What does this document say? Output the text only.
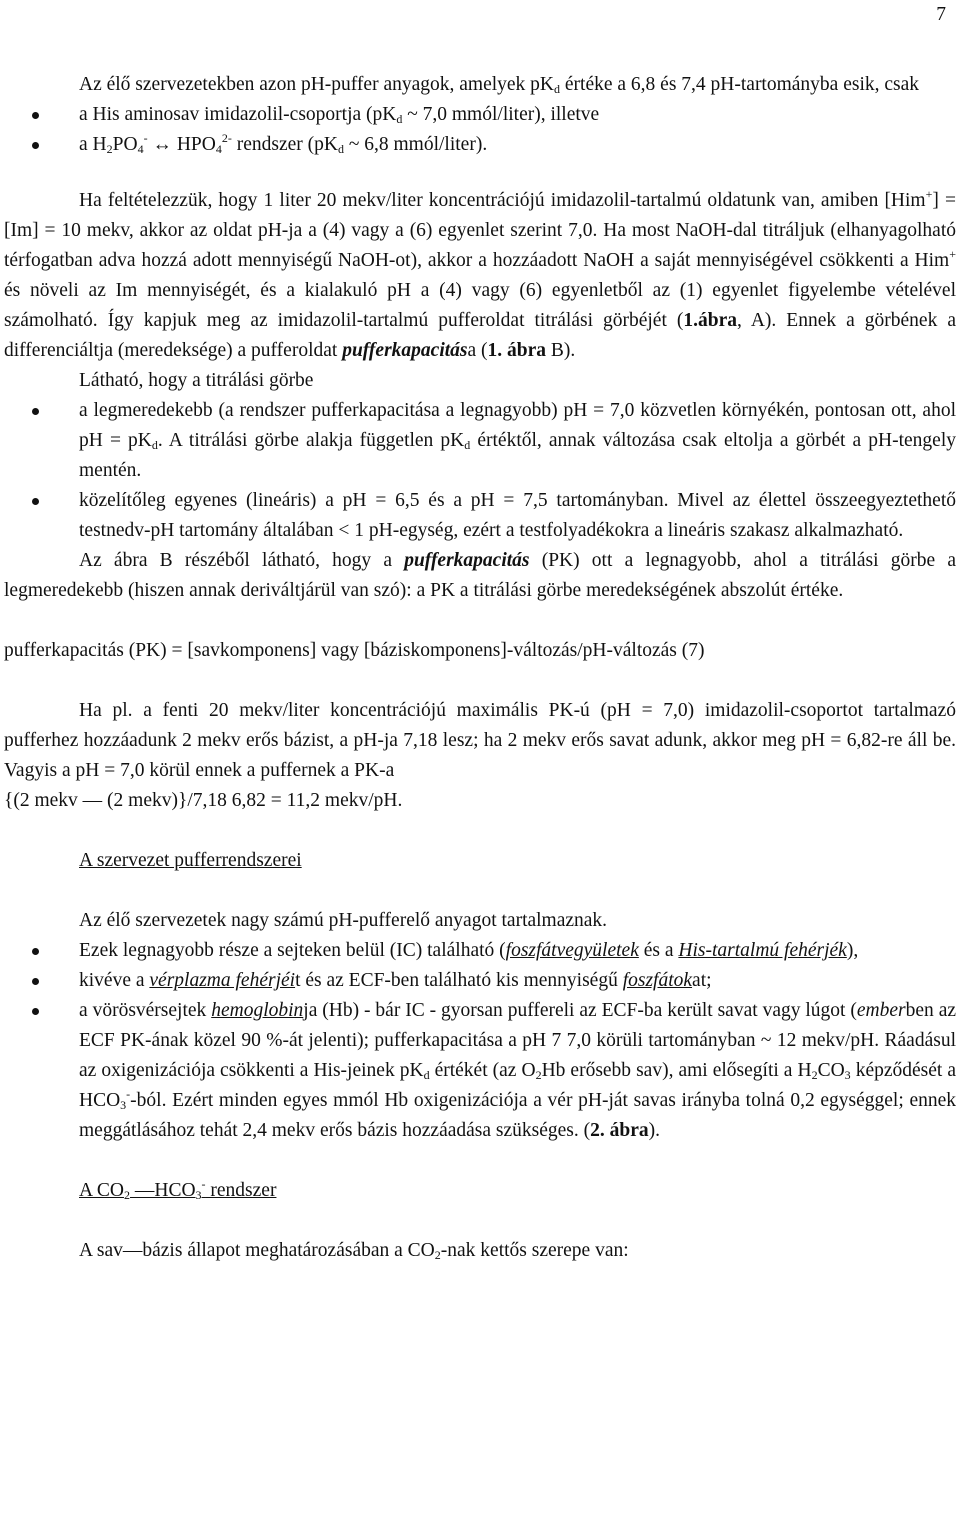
7

Az élő szervezetekben azon pH-puffer anyagok, amelyek $pK_d$ értéke a 6,8 és 7,4 pH-tartományba esik, csak

a His aminosav imidazolil-csoportja ($pK_d$ ~ 7,0 mmól/liter), illetve

a $H_2PO_4^-$ ↔ $HPO_4^{2-}$ rendszer ($pK_d$ ~ 6,8 mmól/liter).

Ha feltételezzük, hogy 1 liter 20 mekv/liter koncentrációjú imidazolil-tartalmú oldatunk van, amiben [Him+] = [Im] = 10 mekv, akkor az oldat pH-ja a (4) vagy a (6) egyenlet szerint 7,0. Ha most NaOH-dal titráljuk (elhanyagolható térfogatban adva hozzá adott mennyiségű NaOH-ot), akkor a hozzáadott NaOH a saját mennyiségével csökkenti a Him+ és növeli az Im mennyiségét, és a kialakuló pH a (4) vagy (6) egyenletből az (1) egyenlet figyelembe vételével számolható. Így kapjuk meg az imidazolil-tartalmú pufferoldat titrálási görbéjét (1.ábra, A). Ennek a görbének a differenciáltja (meredeksége) a pufferoldat pufferkapacitása (1. ábra B).

Látható, hogy a titrálási görbe

a legmeredekebb (a rendszer pufferkapacitása a legnagyobb) pH = 7,0 közvetlen környékén, pontosan ott, ahol pH = $pK_d$. A titrálási görbe alakja független $pK_d$ értéktől, annak változása csak eltolja a görbét a pH-tengely mentén.

közelítőleg egyenes (lineáris) a pH = 6,5 és a pH = 7,5 tartományban. Mivel az élettel összeegyeztethető testnedv-pH tartomány általában < 1 pH-egység, ezért a testfolyadékokra a lineáris szakasz alkalmazható.

Az ábra B részéből látható, hogy a pufferkapacitás (PK) ott a legnagyobb, ahol a titrálási görbe a legmeredekebb (hiszen annak deriváltjárül van szó): a PK a titrálási görbe meredekségének abszolút értéke.

pufferkapacitás (PK) = [savkomponens] vagy [báziskomponens]-változás/pH-változás (7)

Ha pl. a fenti 20 mekv/liter koncentrációjú maximális PK-ú (pH = 7,0) imidazolil-csoportot tartalmazó pufferhez hozzáadunk 2 mekv erős bázist, a pH-ja 7,18 lesz; ha 2 mekv erős savat adunk, akkor meg pH = 6,82-re áll be. Vagyis a pH = 7,0 körül ennek a puffernek a PK-a

{(2 mekv — (2 mekv)}/7,18 6,82 = 11,2 mekv/pH.

A szervezet pufferrendszerei

Az élő szervezetek nagy számú pH-pufferelő anyagot tartalmaznak.

Ezek legnagyobb része a sejteken belül (IC) található (foszfátvegyületek és a His-tartalmú fehérjék),

kivéve a vérplazma fehérjéit és az ECF-ben található kis mennyiségű foszfátokat;

a vörösvérsejtek hemoglobinja (Hb) - bár IC - gyorsan puffereli az ECF-ba került savat vagy lúgot (emberben az ECF PK-ának közel 90 %-át jelenti); pufferkapacitása a pH 7 7,0 körüli tartományban ~ 12 mekv/pH. Ráadásul az oxigenizációja csökkenti a His-jeinek $pK_d$ értékét (az $O_2Hb$ erősebb sav), ami elősegíti a $H_2CO_3$ képződését a $HCO_3^-$-ból. Ezért minden egyes mmól Hb oxigenizációja a vér pH-ját savas irányba tolná 0,2 egységgel; ennek meggátlásához tehát 2,4 mekv erős bázis hozzáadása szükséges. (2. ábra).

A $CO_2$ $—HCO_3^-$ rendszer

A sav—bázis állapot meghatározásában a $CO_2$-nak kettős szerepe van:
